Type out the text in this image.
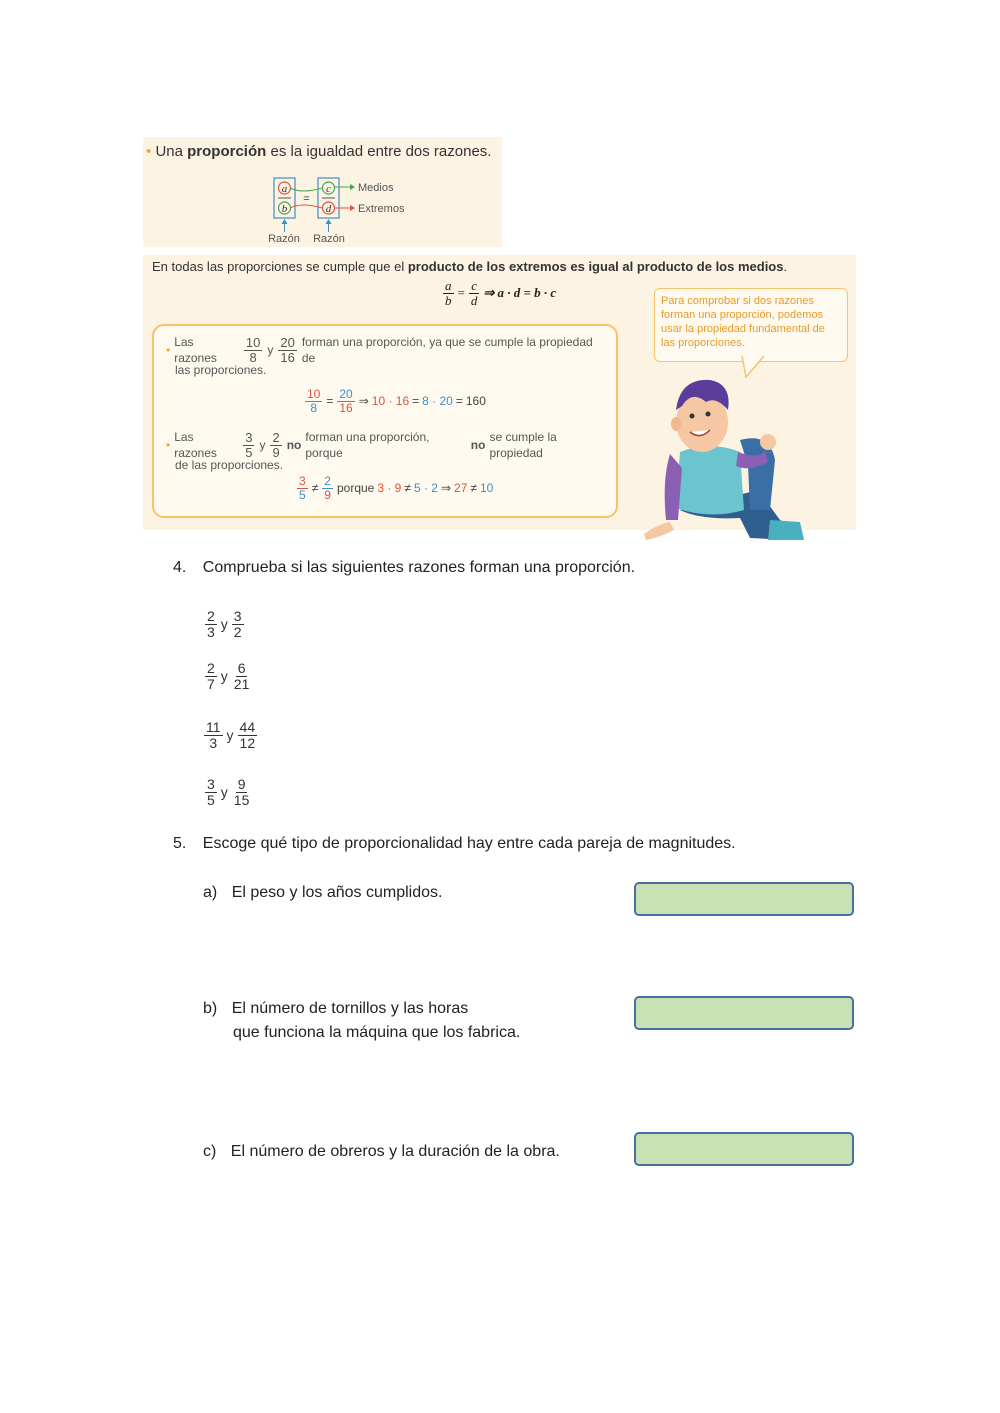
• Una proporción es la igualdad entre dos razones.
a
b
c
d
=
Medios
Extremos
Razón Razón
En todas las proporciones se cumple que el producto de los extremos es igual al producto de los medios.
$\frac{a}{b} = \frac{c}{d}$ ⇒ a · d = b · c
•
Las razones	$\frac{10}{8}$ y $\frac{20}{16}$ forman una proporción, ya que se cumple la propiedad de
las proporciones.
$\frac{10}{8} = \frac{20}{16}$ ⇒ 10 · 16 = 8 · 20 = 160
•
Las razones	$\frac{3}{5}$ y $\frac{2}{9}$ no
forman una proporción, porque
no
se cumple la propiedad
de las proporciones.
$\frac{3}{5} \ne \frac{2}{9}$ porque 3 · 9 ≠ 5 · 2 ⇒ 27 ≠ 10
Para comprobar si dos razones forman una proporción, podemos usar la propiedad fundamental de las proporciones.
4. Comprueba si las siguientes razones forman una proporción.
$\frac{2}{3}$ y $\frac{3}{2}$
$\frac{2}{7}$ y $\frac{6}{21}$
$\frac{11}{3}$ y $\frac{44}{12}$
$\frac{3}{5}$ y $\frac{9}{15}$
5. Escoge qué tipo de proporcionalidad hay entre cada pareja de magnitudes.
a) El peso y los años cumplidos.
b) El número de tornillos y las horas
que funciona la máquina que los fabrica.
c) El número de obreros y la duración de la obra.
